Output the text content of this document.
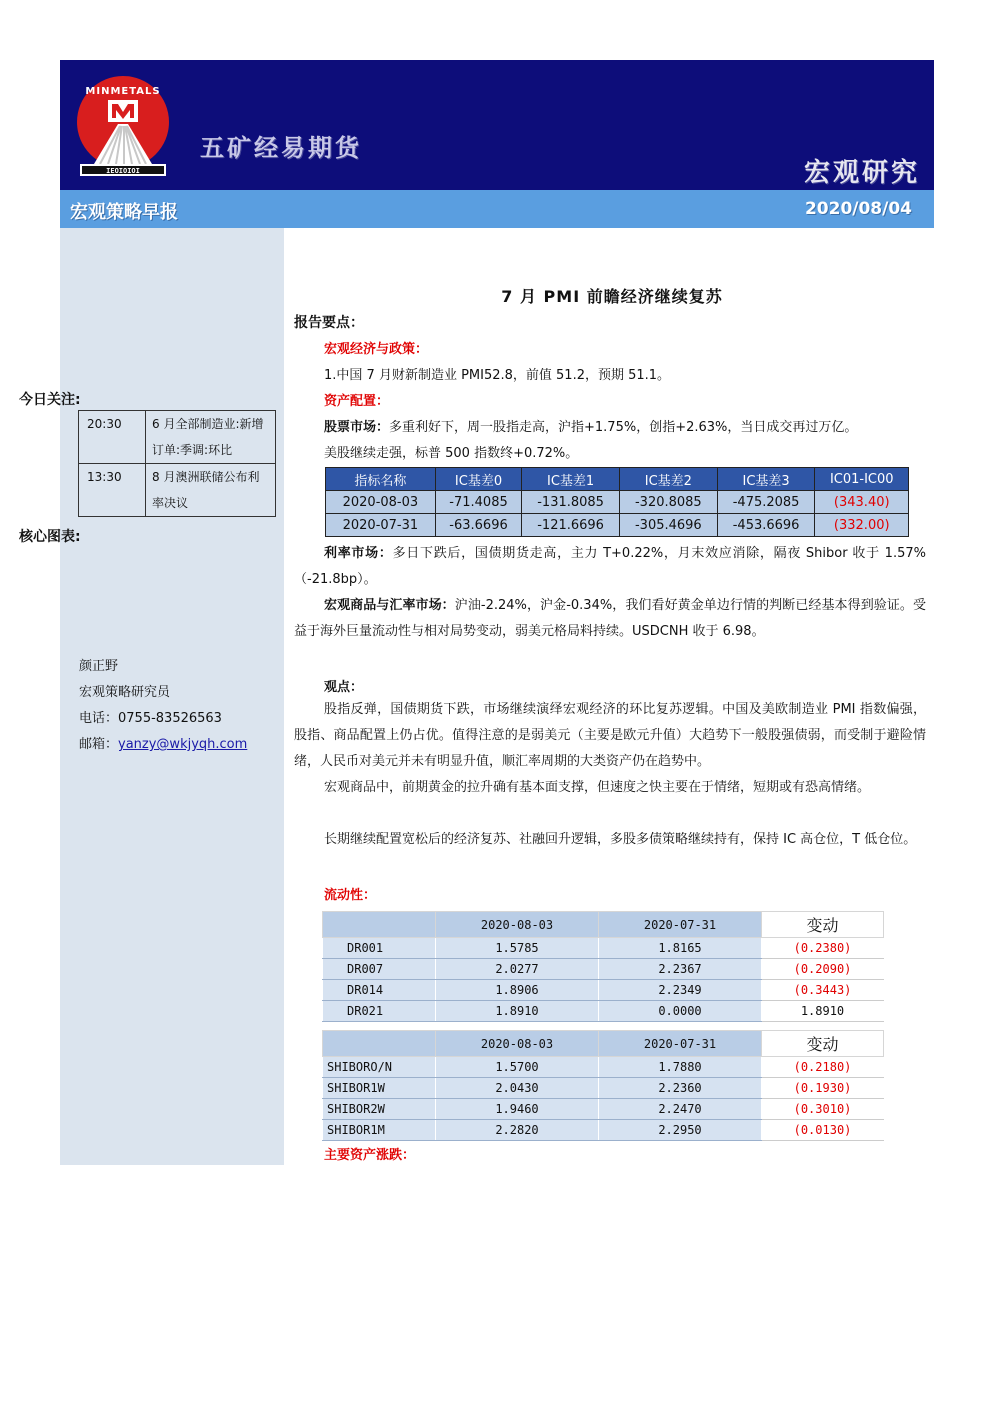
MINMETALS
IEOIOIOI
五矿经易期货
宏观研究
宏观策略早报	2020/08/04
今日关注:
20:30	6 月全部制造业:新增订单:季调:环比
13:30	8 月澳洲联储公布利率决议
核心图表:
颜正野
宏观策略研究员
电话：0755-83526563
邮箱：yanzy@wkjyqh.com
7 月 PMI 前瞻经济继续复苏
报告要点：
宏观经济与政策：
1.中国 7 月财新制造业 PMI52.8，前值 51.2，预期 51.1。
资产配置：
股票市场：多重利好下，周一股指走高，沪指+1.75%，创指+2.63%，当日成交再过万亿。
美股继续走强，标普 500 指数终+0.72%。
指标名称	IC基差0	IC基差1	IC基差2	IC基差3	IC01-IC00
2020-08-03	-71.4085	-131.8085	-320.8085	-475.2085	(343.40)
2020-07-31	-63.6696	-121.6696	-305.4696	-453.6696	(332.00)
利率市场：多日下跌后，国债期货走高，主力 T+0.22%，月末效应消除，隔夜 Shibor 收于 1.57%（-21.8bp）。
宏观商品与汇率市场：沪油-2.24%，沪金-0.34%，我们看好黄金单边行情的判断已经基本得到验证。受益于海外巨量流动性与相对局势变动，弱美元格局料持续。USDCNH 收于 6.98。
观点：
股指反弹，国债期货下跌，市场继续演绎宏观经济的环比复苏逻辑。中国及美欧制造业 PMI 指数偏强，股指、商品配置上仍占优。值得注意的是弱美元（主要是欧元升值）大趋势下一般股强债弱，而受制于避险情绪，人民币对美元并未有明显升值，顺汇率周期的大类资产仍在趋势中。
宏观商品中，前期黄金的拉升确有基本面支撑，但速度之快主要在于情绪，短期或有恐高情绪。
长期继续配置宽松后的经济复苏、社融回升逻辑，多股多债策略继续持有，保持 IC 高仓位，T 低仓位。
流动性：
	2020-08-03	2020-07-31	变动
DR001	1.5785	1.8165	(0.2380)
DR007	2.0277	2.2367	(0.2090)
DR014	1.8906	2.2349	(0.3443)
DR021	1.8910	0.0000	1.8910
	2020-08-03	2020-07-31	变动
SHIBORO/N	1.5700	1.7880	(0.2180)
SHIBOR1W	2.0430	2.2360	(0.1930)
SHIBOR2W	1.9460	2.2470	(0.3010)
SHIBOR1M	2.2820	2.2950	(0.0130)
主要资产涨跌：
